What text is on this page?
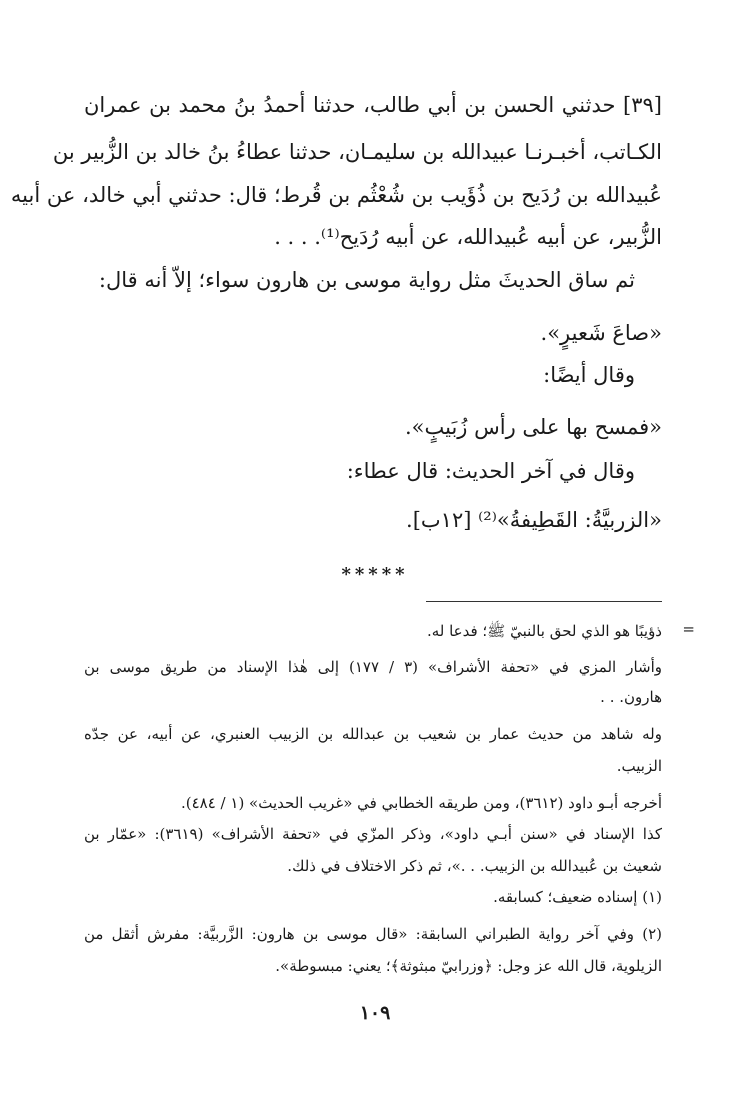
[٣٩] حدثني الحسن بن أبي طالب، حدثنا أحمدُ بنُ محمد بن عمران
الكـاتب، أخبـرنـا عبيدالله بن سليمـان، حدثنا عطاءُ بنُ خالد بن الزُّبير بن
عُبيدالله بن رُدَيح بن ذُؤَيب بن شُعْثُم بن قُرط؛ قال: حدثني أبي خالد، عن أبيه
الزُّبير، عن أبيه عُبيدالله، عن أبيه رُدَيح⁽¹⁾. . . .
ثم ساق الحديثَ مثل رواية موسى بن هارون سواء؛ إلاّ أنه قال:
«صاعَ شَعيرٍ».
وقال أيضًا:
«فمسح بها على رأس زُبَيبٍ».
وقال في آخر الحديث: قال عطاء:
«الزربيَّةُ: القَطِيفةُ»⁽²⁾ [١٢ب].
*****
=
ذؤيبًا هو الذي لحق بالنبيّ ﷺ؛ فدعا له.
وأشار المزي في «تحفة الأشراف» (٣ / ١٧٧) إلى هٰذا الإسناد من طريق موسى بن
هارون. . .
وله شاهد من حديث عمار بن شعيب بن عبدالله بن الزبيب العنبري، عن أبيه، عن جدّه
الزبيب.
أخرجه أبـو داود (٣٦١٢)، ومن طريقه الخطابي في «غريب الحديث» (١ / ٤٨٤).
كذا الإسناد في «سنن أبـي داود»، وذكر المزّي في «تحفة الأشراف» (٣٦١٩): «عمّار بن
شعيث بن عُبيدالله بن الزبيب. . .»، ثم ذكر الاختلاف في ذلك.
(١) إسناده ضعيف؛ كسابقه.
(٢) وفي آخر رواية الطبراني السابقة: «قال موسى بن هارون: الزَّربيَّة: مفرش أثقل من
الزيلوية، قال الله عز وجل: ﴿وزرابيّ مبثوثة﴾؛ يعني: مبسوطة».
١٠٩
